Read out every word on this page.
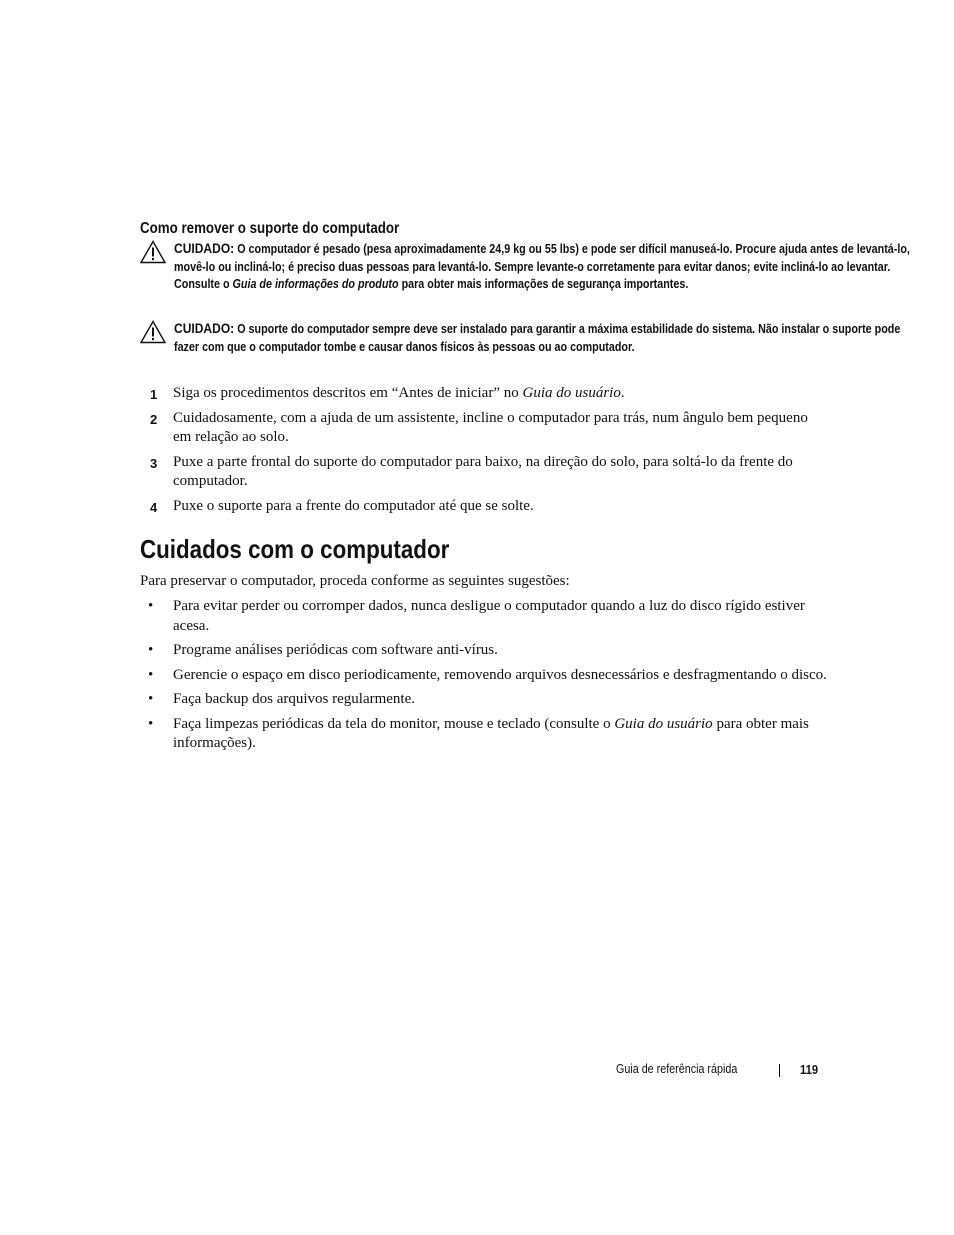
Como remover o suporte do computador
CUIDADO: O computador é pesado (pesa aproximadamente 24,9 kg ou 55 lbs) e pode ser difícil manuseá-lo. Procure ajuda antes de levantá-lo, movê-lo ou incliná-lo; é preciso duas pessoas para levantá-lo. Sempre levante-o corretamente para evitar danos; evite incliná-lo ao levantar. Consulte o Guia de informações do produto para obter mais informações de segurança importantes.
CUIDADO: O suporte do computador sempre deve ser instalado para garantir a máxima estabilidade do sistema. Não instalar o suporte pode fazer com que o computador tombe e causar danos físicos às pessoas ou ao computador.
1 Siga os procedimentos descritos em “Antes de iniciar” no Guia do usuário.
2 Cuidadosamente, com a ajuda de um assistente, incline o computador para trás, num ângulo bem pequeno em relação ao solo.
3 Puxe a parte frontal do suporte do computador para baixo, na direção do solo, para soltá-lo da frente do computador.
4 Puxe o suporte para a frente do computador até que se solte.
Cuidados com o computador

Para preservar o computador, proceda conforme as seguintes sugestões:

• Para evitar perder ou corromper dados, nunca desligue o computador quando a luz do disco rígido estiver acesa.
• Programe análises periódicas com software anti-vírus.
• Gerencie o espaço em disco periodicamente, removendo arquivos desnecessários e desfragmentando o disco.
• Faça backup dos arquivos regularmente.
• Faça limpezas periódicas da tela do monitor, mouse e teclado (consulte o Guia do usuário para obter mais informações).
Guia de referência rápida	119
